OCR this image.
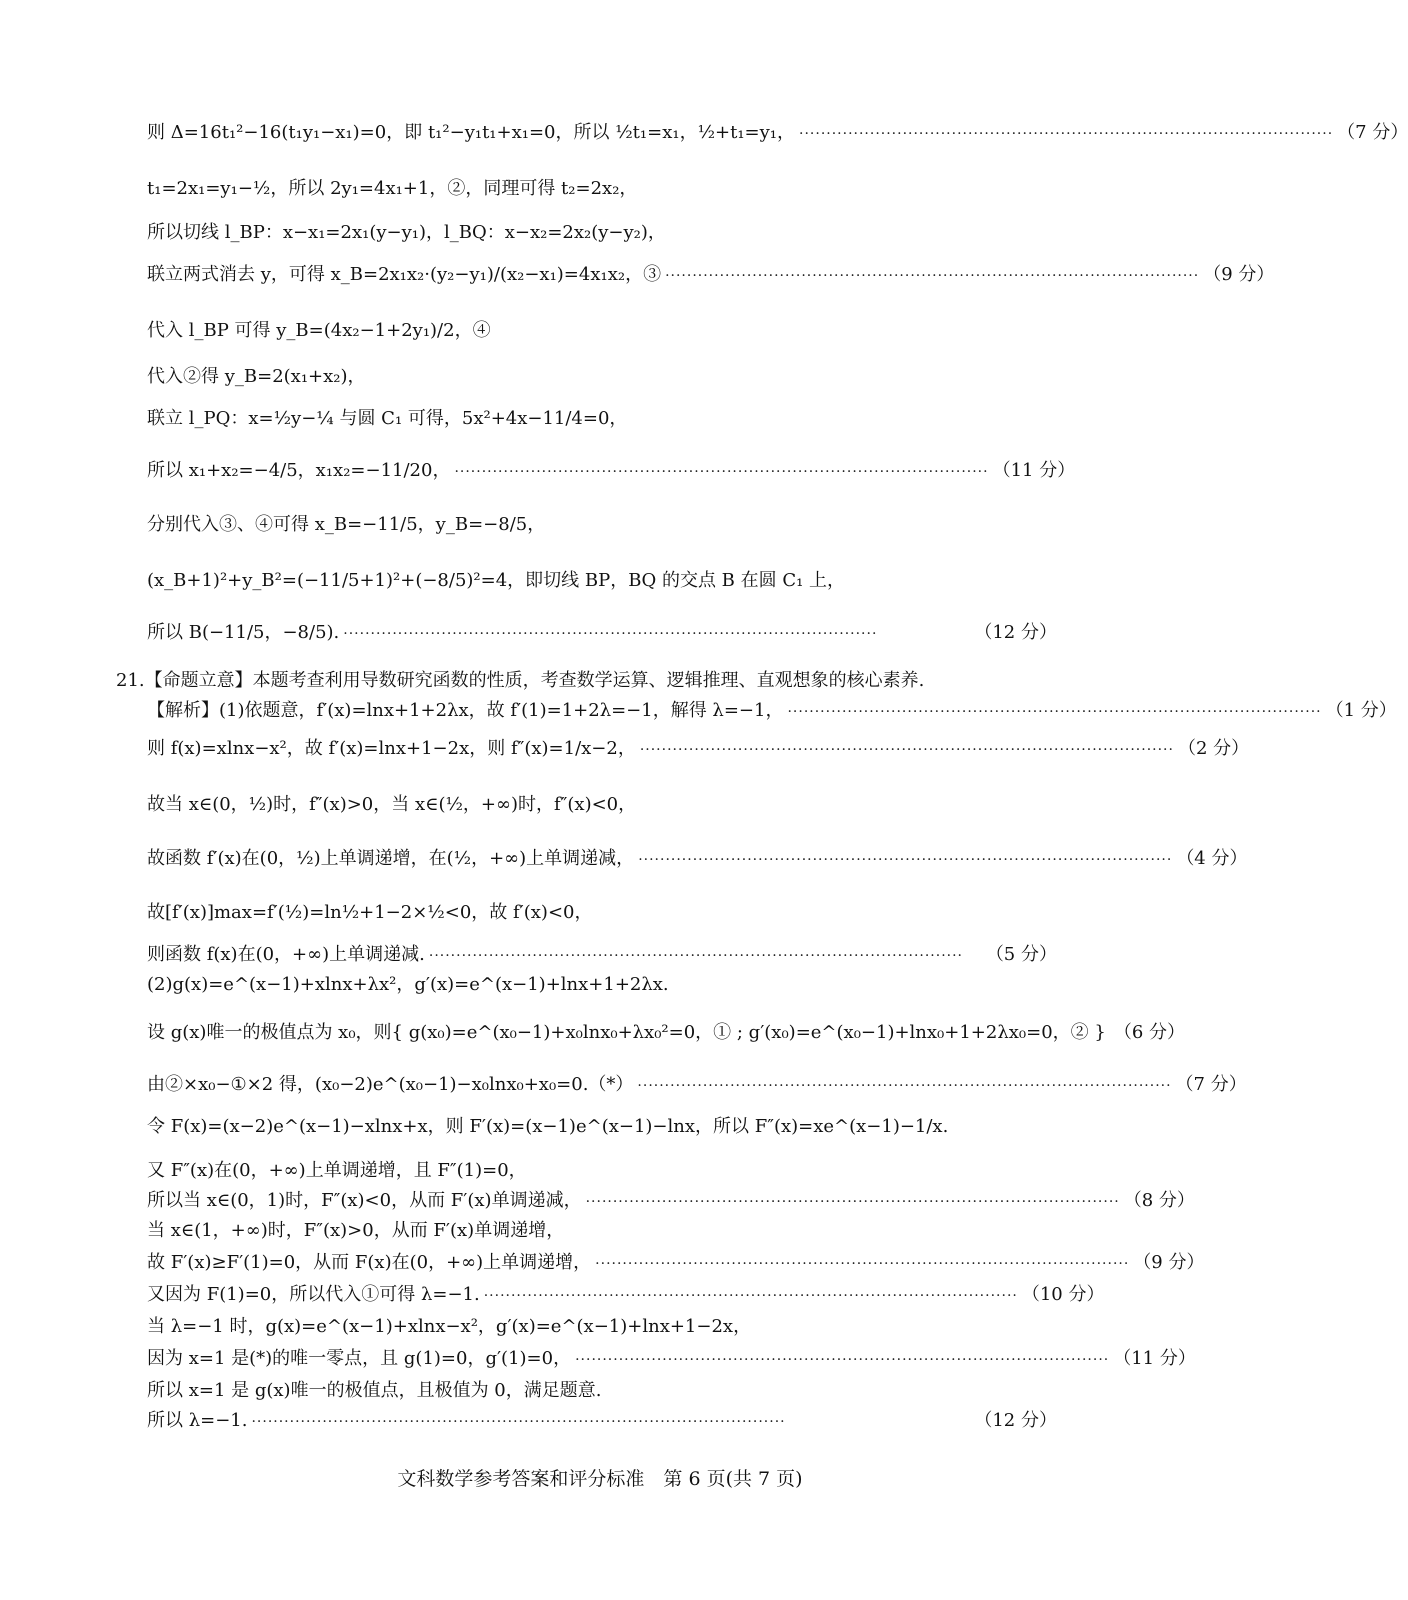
则 Δ=16t₁²−16(t₁y₁−x₁)=0，即 t₁²−y₁t₁+x₁=0，所以 ½t₁=x₁，½+t₁=y₁， ·································································································· （7 分）
t₁=2x₁=y₁−½，所以 2y₁=4x₁+1，②，同理可得 t₂=2x₂，
所以切线 l_BP：x−x₁=2x₁(y−y₁)，l_BQ：x−x₂=2x₂(y−y₂)，
联立两式消去 y，可得 x_B=2x₁x₂·(y₂−y₁)/(x₂−x₁)=4x₁x₂，③ ·································································································· （9 分）
代入 l_BP 可得 y_B=(4x₂−1+2y₁)/2，④
代入②得 y_B=2(x₁+x₂)，
联立 l_PQ：x=½y−¼ 与圆 C₁ 可得，5x²+4x−11/4=0，
所以 x₁+x₂=−4/5，x₁x₂=−11/20， ·································································································· （11 分）
分别代入③、④可得 x_B=−11/5，y_B=−8/5，
(x_B+1)²+y_B²=(−11/5+1)²+(−8/5)²=4，即切线 BP，BQ 的交点 B 在圆 C₁ 上，
所以 B(−11/5，−8/5). ··································································································	（12 分）
21.【命题立意】本题考查利用导数研究函数的性质，考查数学运算、逻辑推理、直观想象的核心素养.
【解析】(1)依题意，f′(x)=lnx+1+2λx，故 f′(1)=1+2λ=−1，解得 λ=−1， ·································································································· （1 分）
则 f(x)=xlnx−x²，故 f′(x)=lnx+1−2x，则 f″(x)=1/x−2， ·································································································· （2 分）
故当 x∈(0，½)时，f″(x)>0，当 x∈(½，+∞)时，f″(x)<0，
故函数 f′(x)在(0，½)上单调递增，在(½，+∞)上单调递减， ·································································································· （4 分）
故[f′(x)]max=f′(½)=ln½+1−2×½<0，故 f′(x)<0，
则函数 f(x)在(0，+∞)上单调递减. ··································································································	（5 分）
(2)g(x)=e^(x−1)+xlnx+λx²，g′(x)=e^(x−1)+lnx+1+2λx.
设 g(x)唯一的极值点为 x₀，则{ g(x₀)=e^(x₀−1)+x₀lnx₀+λx₀²=0，① ; g′(x₀)=e^(x₀−1)+lnx₀+1+2λx₀=0，② } （6 分）
由②×x₀−①×2 得，(x₀−2)e^(x₀−1)−x₀lnx₀+x₀=0.（*） ·································································································· （7 分）
令 F(x)=(x−2)e^(x−1)−xlnx+x，则 F′(x)=(x−1)e^(x−1)−lnx，所以 F″(x)=xe^(x−1)−1/x.
又 F″(x)在(0，+∞)上单调递增，且 F″(1)=0，
所以当 x∈(0，1)时，F″(x)<0，从而 F′(x)单调递减， ·································································································· （8 分）
当 x∈(1，+∞)时，F″(x)>0，从而 F′(x)单调递增，
故 F′(x)≥F′(1)=0，从而 F(x)在(0，+∞)上单调递增， ·································································································· （9 分）
又因为 F(1)=0，所以代入①可得 λ=−1. ·································································································· （10 分）
当 λ=−1 时，g(x)=e^(x−1)+xlnx−x²，g′(x)=e^(x−1)+lnx+1−2x，
因为 x=1 是(*)的唯一零点，且 g(1)=0，g′(1)=0， ·································································································· （11 分）
所以 x=1 是 g(x)唯一的极值点，且极值为 0，满足题意.
所以 λ=−1. ··································································································	（12 分）
文科数学参考答案和评分标准　第 6 页(共 7 页)
